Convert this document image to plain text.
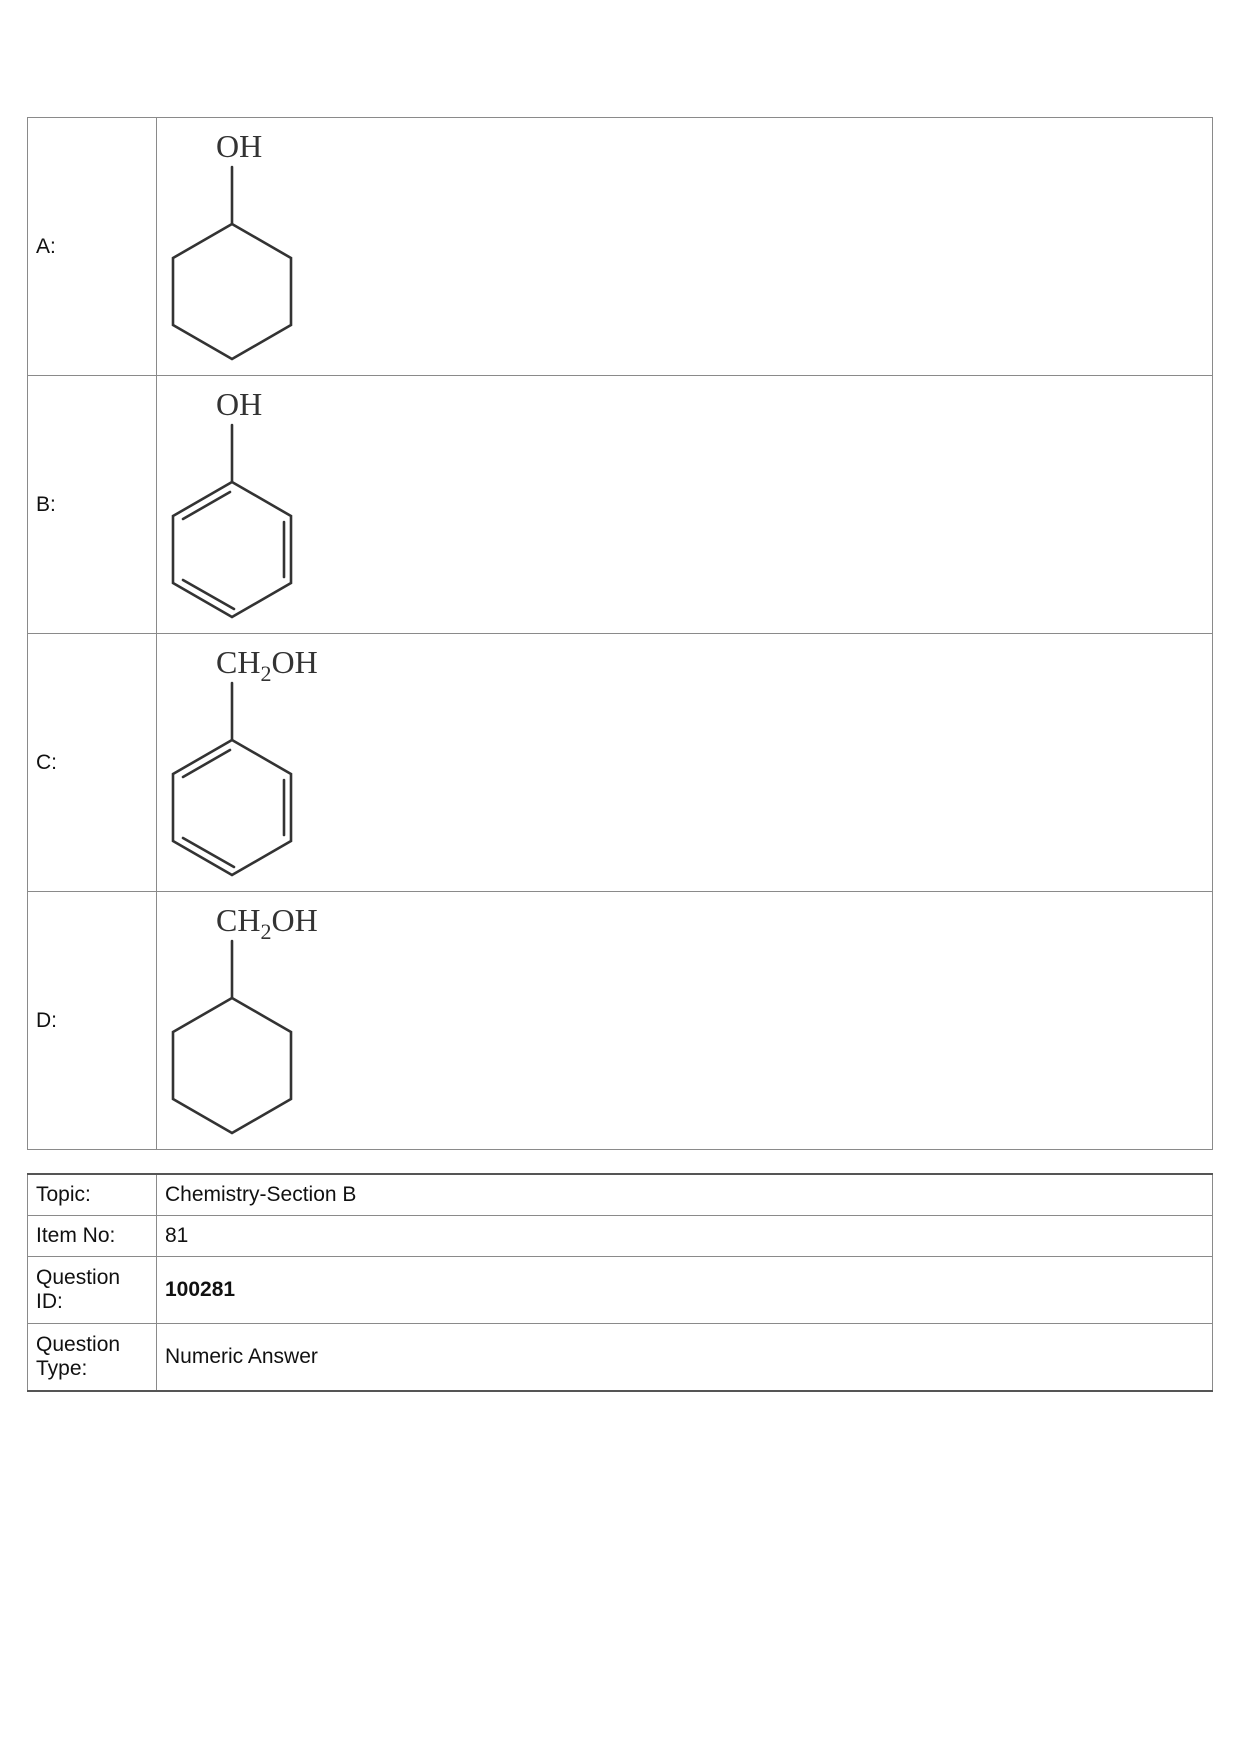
A:	OH

B:	OH

C:	$CH_2OH$

D:	$CH_2OH$
Topic:	Chemistry-Section B
Item No:	81
Question ID:	100281
Question Type:	Numeric Answer
